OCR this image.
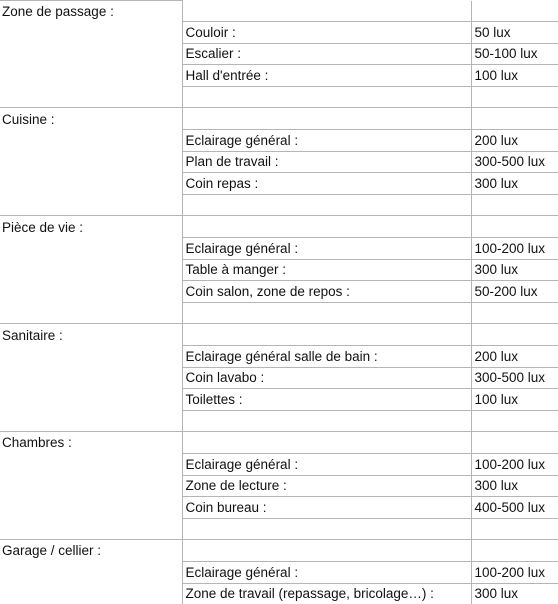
Zone de passage :		
	Couloir :	50 lux
	Escalier :	50-100 lux
	Hall d'entrée :	100 lux

Cuisine :		
	Eclairage général :	200 lux
	Plan de travail :	300-500 lux
	Coin repas :	300 lux

Pièce de vie :		
	Eclairage général :	100-200 lux
	Table à manger :	300 lux
	Coin salon, zone de repos :	50-200 lux

Sanitaire :		
	Eclairage général salle de bain :	200 lux
	Coin lavabo :	300-500 lux
	Toilettes :	100 lux

Chambres :		
	Eclairage général :	100-200 lux
	Zone de lecture :	300 lux
	Coin bureau :	400-500 lux

Garage / cellier :		
	Eclairage général :	100-200 lux
	Zone de travail (repassage, bricolage…) :	300 lux
